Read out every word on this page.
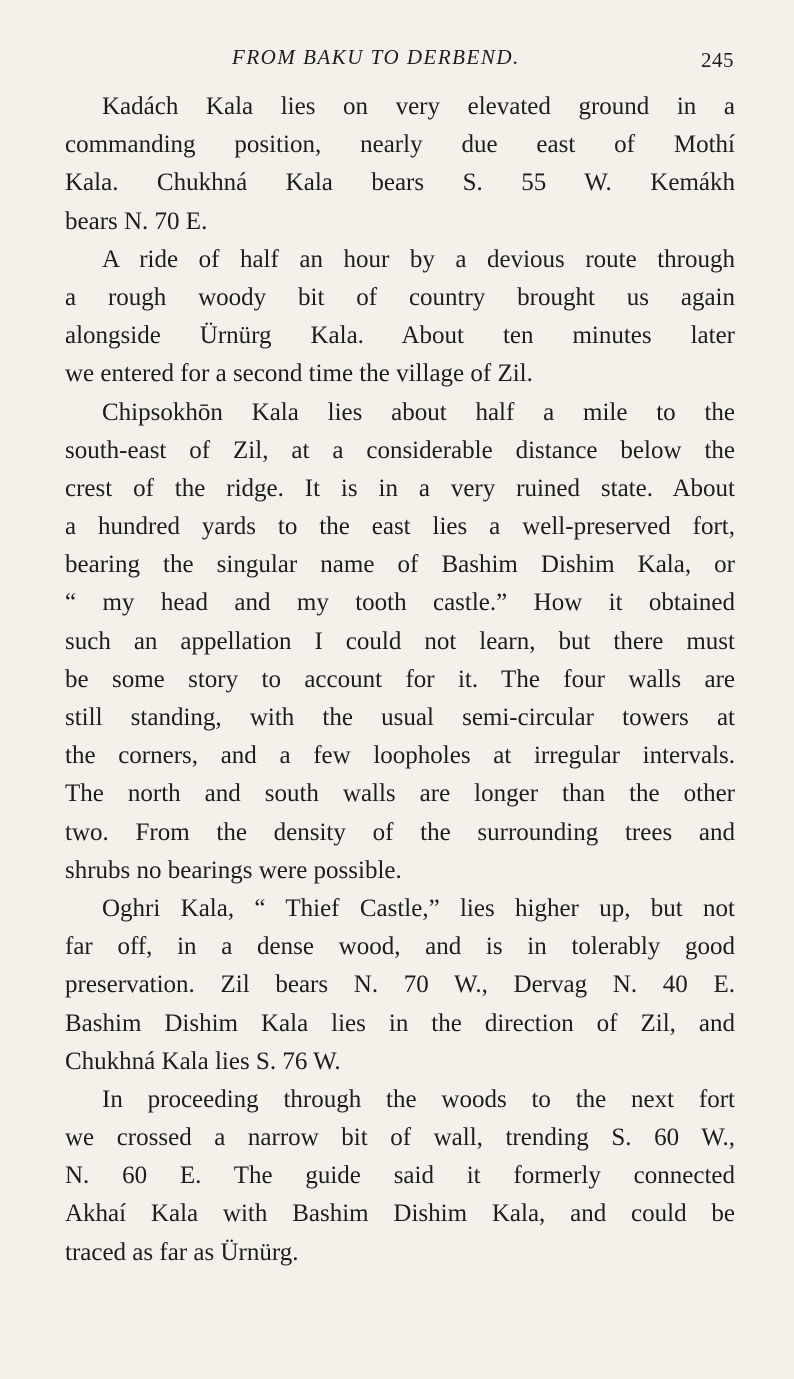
FROM BAKU TO DERBEND.	245
Kadách Kala lies on very elevated ground in a
commanding position, nearly due east of Mothí
Kala. Chukhná Kala bears S. 55 W. Kemákh
bears N. 70 E.
A ride of half an hour by a devious route through
a rough woody bit of country brought us again
alongside Ürnürg Kala. About ten minutes later
we entered for a second time the village of Zil.
Chipsokhōn Kala lies about half a mile to the
south-east of Zil, at a considerable distance below the
crest of the ridge. It is in a very ruined state. About
a hundred yards to the east lies a well-preserved fort,
bearing the singular name of Bashim Dishim Kala, or
“ my head and my tooth castle.” How it obtained
such an appellation I could not learn, but there must
be some story to account for it. The four walls are
still standing, with the usual semi-circular towers at
the corners, and a few loopholes at irregular intervals.
The north and south walls are longer than the other
two. From the density of the surrounding trees and
shrubs no bearings were possible.
Oghri Kala, “ Thief Castle,” lies higher up, but not
far off, in a dense wood, and is in tolerably good
preservation. Zil bears N. 70 W., Dervag N. 40 E.
Bashim Dishim Kala lies in the direction of Zil, and
Chukhná Kala lies S. 76 W.
In proceeding through the woods to the next fort
we crossed a narrow bit of wall, trending S. 60 W.,
N. 60 E. The guide said it formerly connected
Akhaí Kala with Bashim Dishim Kala, and could be
traced as far as Ürnürg.
